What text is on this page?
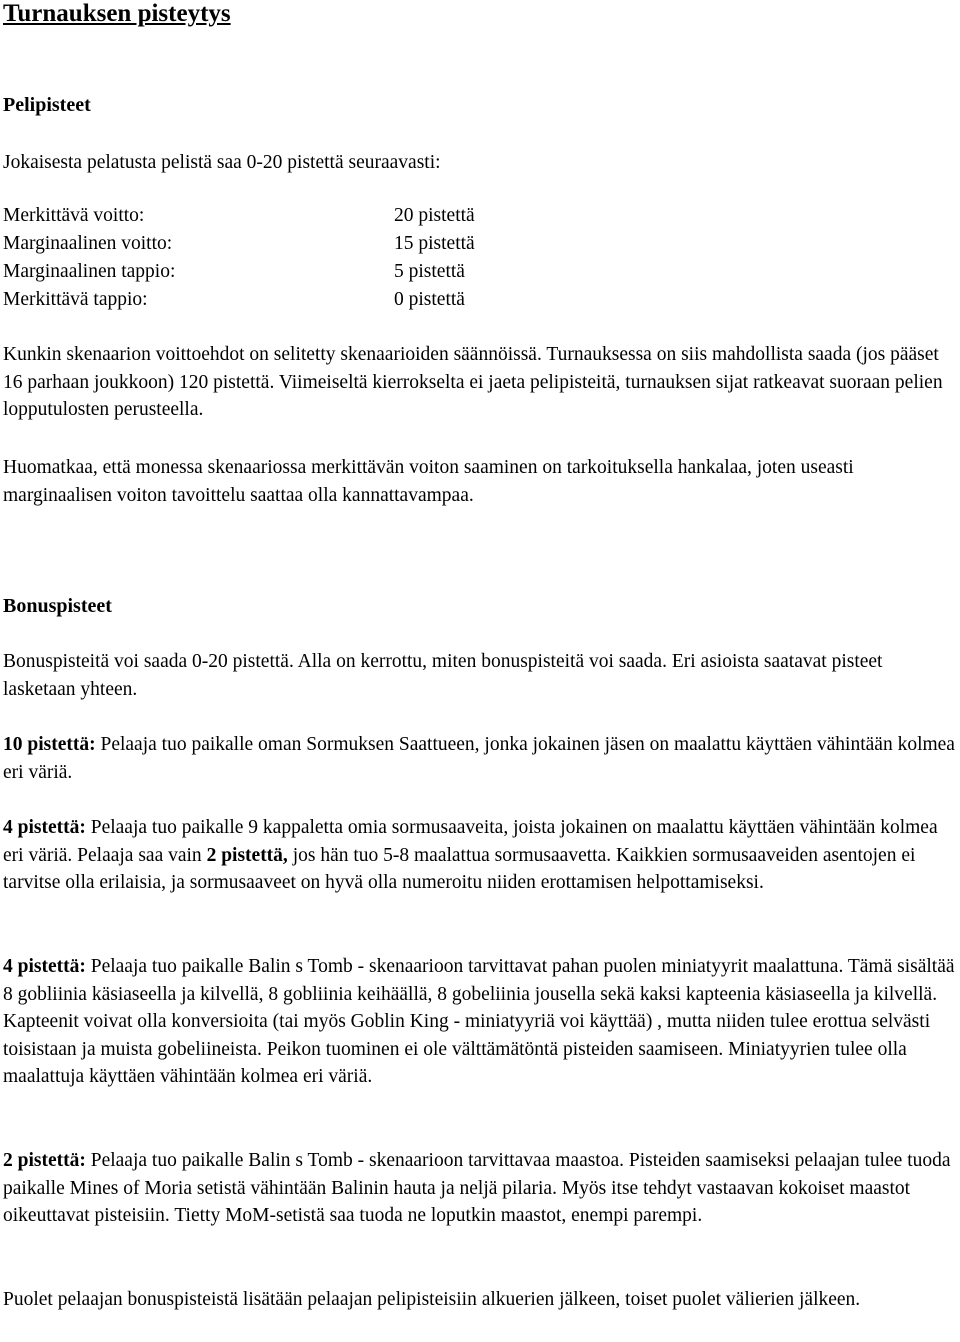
Turnauksen pisteytys
Pelipisteet

Jokaisesta pelatusta pelistä saa 0-20 pistettä seuraavasti:

Merkittävä voitto:	20 pistettä
Marginaalinen voitto:	15 pistettä
Marginaalinen tappio:	5 pistettä
Merkittävä tappio:	0 pistettä

Kunkin skenaarion voittoehdot on selitetty skenaarioiden säännöissä. Turnauksessa on siis mahdollista saada (jos pääset 16 parhaan joukkoon) 120 pistettä. Viimeiseltä kierrokselta ei jaeta pelipisteitä, turnauksen sijat ratkeavat suoraan pelien lopputulosten perusteella.

Huomatkaa, että monessa skenaariossa merkittävän voiton saaminen on tarkoituksella hankalaa, joten useasti marginaalisen voiton tavoittelu saattaa olla kannattavampaa.

Bonuspisteet

Bonuspisteitä voi saada 0-20 pistettä. Alla on kerrottu, miten bonuspisteitä voi saada. Eri asioista saatavat pisteet lasketaan yhteen.

10 pistettä: Pelaaja tuo paikalle oman Sormuksen Saattueen, jonka jokainen jäsen on maalattu käyttäen vähintään kolmea eri väriä.

4 pistettä: Pelaaja tuo paikalle 9 kappaletta omia sormusaaveita, joista jokainen on maalattu käyttäen vähintään kolmea eri väriä. Pelaaja saa vain 2 pistettä, jos hän tuo 5-8 maalattua sormusaavetta. Kaikkien sormusaaveiden asentojen ei tarvitse olla erilaisia, ja sormusaaveet on hyvä olla numeroitu niiden erottamisen helpottamiseksi.

4 pistettä: Pelaaja tuo paikalle Balin s Tomb - skenaarioon tarvittavat pahan puolen miniatyyrit maalattuna. Tämä sisältää 8 gobliinia käsiaseella ja kilvellä, 8 gobliinia keihäällä, 8 gobeliinia jousella sekä kaksi kapteenia käsiaseella ja kilvellä. Kapteenit voivat olla konversioita (tai myös Goblin King - miniatyyriä voi käyttää) , mutta niiden tulee erottua selvästi toisistaan ja muista gobeliineista. Peikon tuominen ei ole välttämätöntä pisteiden saamiseen. Miniatyyrien tulee olla maalattuja käyttäen vähintään kolmea eri väriä.

2 pistettä: Pelaaja tuo paikalle Balin s Tomb - skenaarioon tarvittavaa maastoa. Pisteiden saamiseksi pelaajan tulee tuoda paikalle Mines of Moria setistä vähintään Balinin hauta ja neljä pilaria. Myös itse tehdyt vastaavan kokoiset maastot oikeuttavat pisteisiin. Tietty MoM-setistä saa tuoda ne loputkin maastot, enempi parempi.

Puolet pelaajan bonuspisteistä lisätään pelaajan pelipisteisiin alkuerien jälkeen, toiset puolet välierien jälkeen.
